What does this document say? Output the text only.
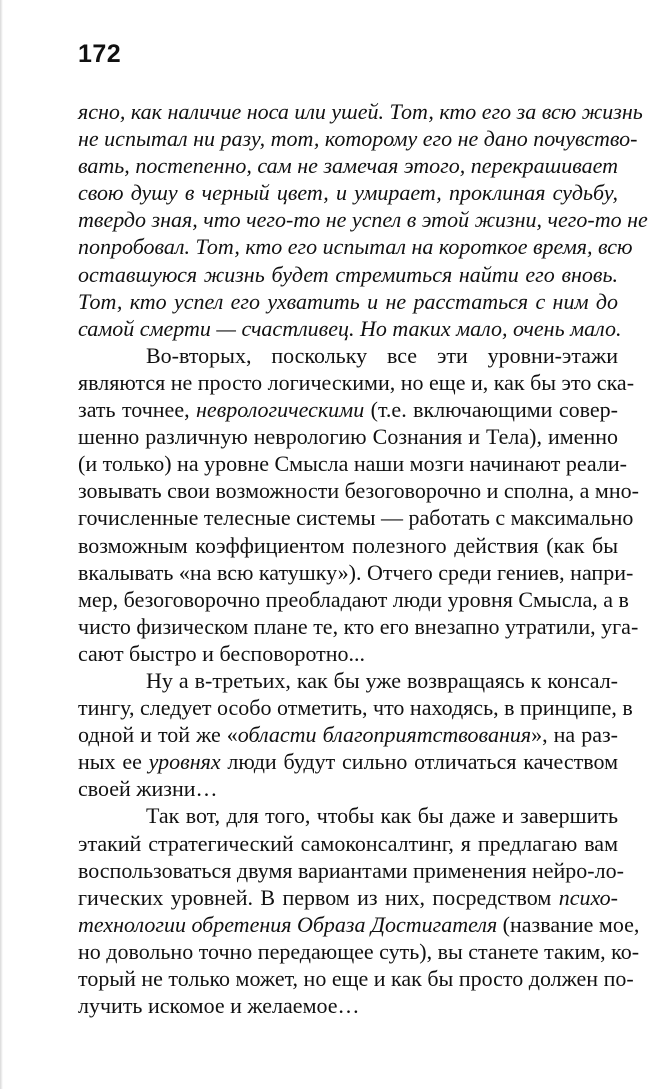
172
ясно, как наличие носа или ушей. Тот, кто его за всю жизнь
не испытал ни разу, тот, которому его не дано почувство-
вать, постепенно, сам не замечая этого, перекрашивает
свою душу в черный цвет, и умирает, проклиная судьбу,
твердо зная, что чего-то не успел в этой жизни, чего-то не
попробовал. Тот, кто его испытал на короткое время, всю
оставшуюся жизнь будет стремиться найти его вновь.
Тот, кто успел его ухватить и не расстаться с ним до
самой смерти — счастливец. Но таких мало, очень мало.
Во-вторых, поскольку все эти уровни-этажи
являются не просто логическими, но еще и, как бы это ска-
зать точнее, неврологическими (т.е. включающими совер-
шенно различную неврологию Сознания и Тела), именно
(и только) на уровне Смысла наши мозги начинают реали-
зовывать свои возможности безоговорочно и сполна, а мно-
гочисленные телесные системы — работать с максимально
возможным коэффициентом полезного действия (как бы
вкалывать «на всю катушку»). Отчего среди гениев, напри-
мер, безоговорочно преобладают люди уровня Смысла, а в
чисто физическом плане те, кто его внезапно утратили, уга-
сают быстро и бесповоротно...
Ну а в-третьих, как бы уже возвращаясь к консал-
тингу, следует особо отметить, что находясь, в принципе, в
одной и той же «области благоприятствования», на раз-
ных ее уровнях люди будут сильно отличаться качеством
своей жизни…
Так вот, для того, чтобы как бы даже и завершить
этакий стратегический самоконсалтинг, я предлагаю вам
воспользоваться двумя вариантами применения нейро-ло-
гических уровней. В первом из них, посредством психо-
технологии обретения Образа Достигателя (название мое,
но довольно точно передающее суть), вы станете таким, ко-
торый не только может, но еще и как бы просто должен по-
лучить искомое и желаемое…
